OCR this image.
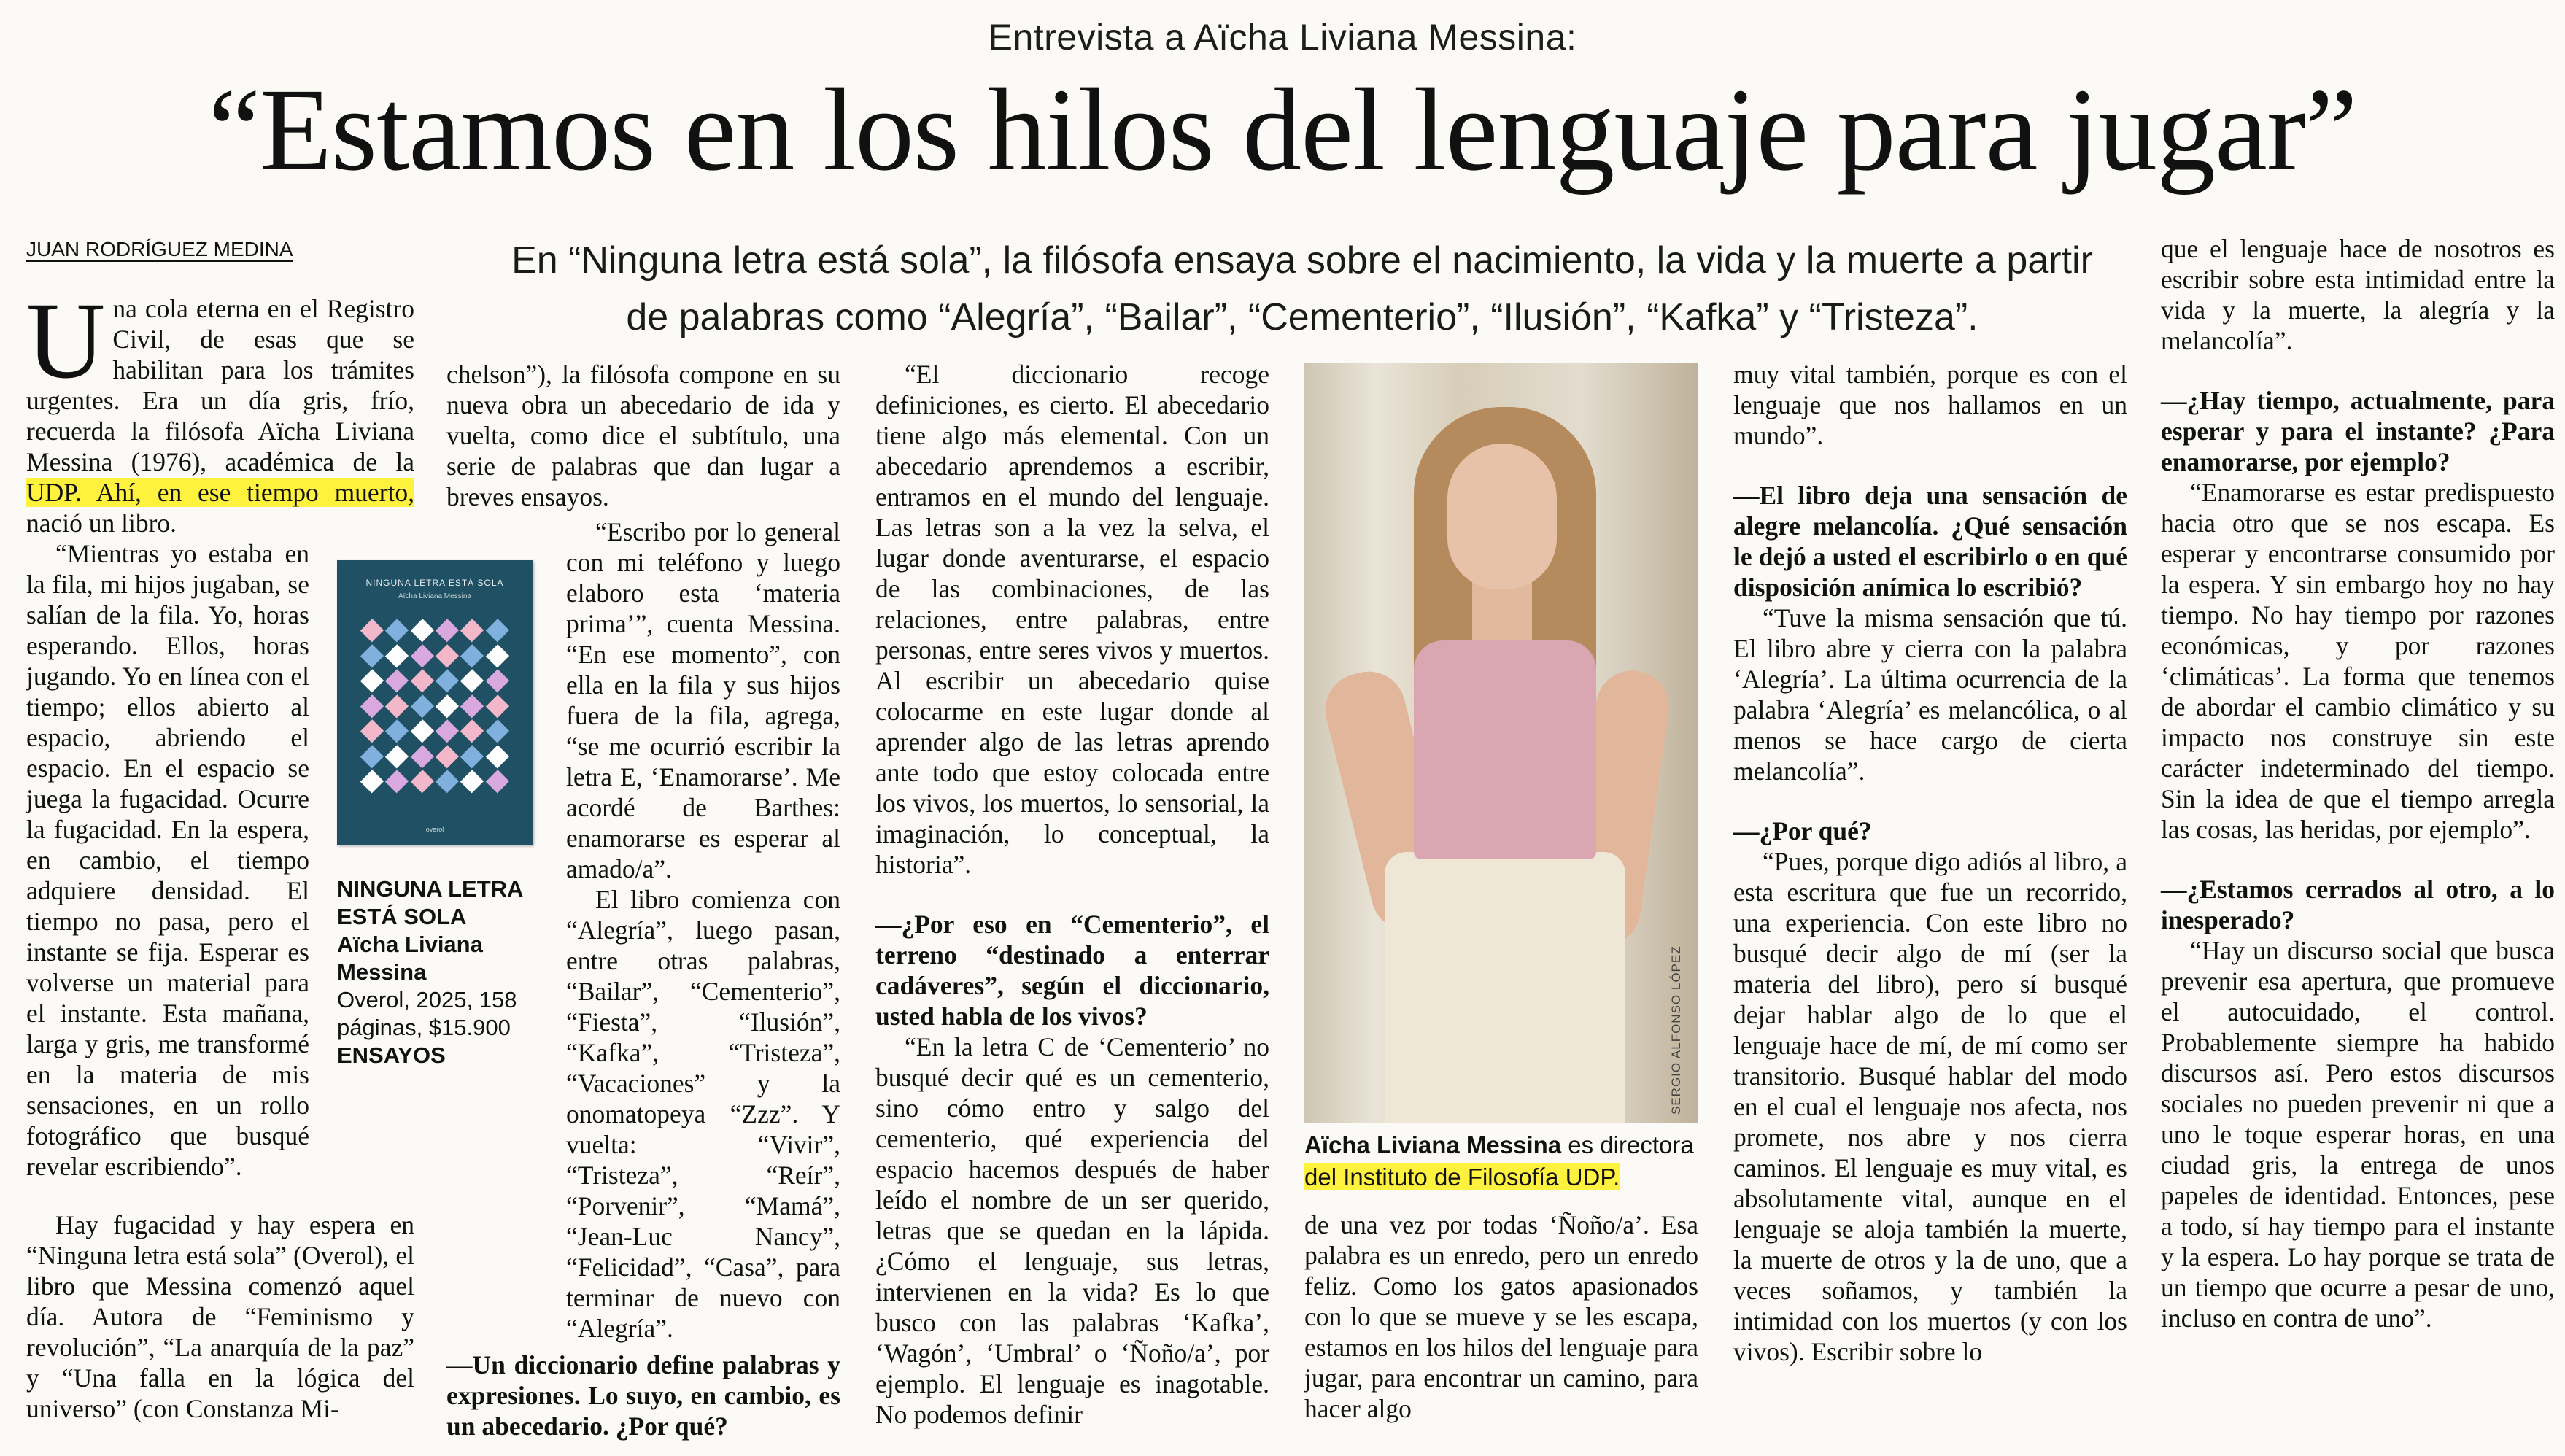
Entrevista a Aïcha Liviana Messina:
“Estamos en los hilos del lenguaje para jugar”
JUAN RODRÍGUEZ MEDINA	En “Ninguna letra está sola”, la filósofa ensaya sobre el nacimiento, la vida y la muerte a partir
de palabras como “Alegría”, “Bailar”, “Cementerio”, “Ilusión”, “Kafka” y “Tristeza”.

Una cola eterna en el Registro Civil, de esas que se habilitan para los trámites urgentes. Era un día gris, frío, recuerda la filósofa Aïcha Liviana Messina (1976), académica de la UDP. Ahí, en ese tiempo muerto, nació un libro.

“Mientras yo estaba en la fila, mi hijos jugaban, se salían de la fila. Yo, horas esperando. Ellos, horas jugando. Yo en línea con el tiempo; ellos abierto al espacio, abriendo el espacio. En el espacio se juega la fugacidad. Ocurre la fugacidad. En la espera, en cambio, el tiempo adquiere densidad. El tiempo no pasa, pero el instante se fija. Esperar es volverse un material para el instante. Esta mañana, larga y gris, me transformé en la materia de mis sensaciones, en un rollo fotográfico que busqué revelar escribiendo”.

Hay fugacidad y hay espera en “Ninguna letra está sola” (Overol), el libro que Messina comenzó aquel día. Autora de “Feminismo y revolución”, “La anarquía de la paz” y “Una falla en la lógica del universo” (con Constanza Mi-

NINGUNA LETRA ESTÁ SOLA
Aïcha Liviana Messina
overol
NINGUNA LETRA ESTÁ SOLA
Aïcha Liviana Messina
Overol, 2025, 158 páginas, $15.900
ENSAYOS

chelson”), la filósofa compone en su nueva obra un abecedario de ida y vuelta, como dice el subtítulo, una serie de palabras que dan lugar a breves ensayos.

“Escribo por lo general con mi teléfono y luego elaboro esta ‘materia prima’”, cuenta Messina. “En ese momento”, con ella en la fila y sus hijos fuera de la fila, agrega, “se me ocurrió escribir la letra E, ‘Enamorarse’. Me acordé de Barthes: enamorarse es esperar al amado/a”.

El libro comienza con “Alegría”, luego pasan, entre otras palabras, “Bailar”, “Cementerio”, “Fiesta”, “Ilusión”, “Kafka”, “Tristeza”, “Vacaciones” y la onomatopeya “Zzz”. Y vuelta: “Vivir”, “Tristeza”, “Reír”, “Porvenir”, “Mamá”, “Jean-Luc Nancy”, “Felicidad”, “Casa”, para terminar de nuevo con “Alegría”.

—Un diccionario define palabras y expresiones. Lo suyo, en cambio, es un abecedario. ¿Por qué?

“El diccionario recoge definiciones, es cierto. El abecedario tiene algo más elemental. Con un abecedario aprendemos a escribir, entramos en el mundo del lenguaje. Las letras son a la vez la selva, el lugar donde aventurarse, el espacio de las combinaciones, de las relaciones, entre palabras, entre personas, entre seres vivos y muertos. Al escribir un abecedario quise colocarme en este lugar donde al aprender algo de las letras aprendo ante todo que estoy colocada entre los vivos, los muertos, lo sensorial, la imaginación, lo conceptual, la historia”.

—¿Por eso en “Cementerio”, el terreno “destinado a enterrar cadáveres”, según el diccionario, usted habla de los vivos?

“En la letra C de ‘Cementerio’ no busqué decir qué es un cementerio, sino cómo entro y salgo del cementerio, qué experiencia del espacio hacemos después de haber leído el nombre de un ser querido, letras que se quedan en la lápida. ¿Cómo el lenguaje, sus letras, intervienen en la vida? Es lo que busco con las palabras ‘Kafka’, ‘Wagón’, ‘Umbral’ o ‘Ñoño/a’, por ejemplo. El lenguaje es inagotable. No podemos definir

SERGIO ALFONSO LÓPEZ
Aïcha Liviana Messina es directora
del Instituto de Filosofía UDP.

de una vez por todas ‘Ñoño/a’. Esa palabra es un enredo, pero un enredo feliz. Como los gatos apasionados con lo que se mueve y se les escapa, estamos en los hilos del lenguaje para jugar, para encontrar un camino, para hacer algo

muy vital también, porque es con el lenguaje que nos hallamos en un mundo”.

—El libro deja una sensación de alegre melancolía. ¿Qué sensación le dejó a usted el escribirlo o en qué disposición anímica lo escribió?

“Tuve la misma sensación que tú. El libro abre y cierra con la palabra ‘Alegría’. La última ocurrencia de la palabra ‘Alegría’ es melancólica, o al menos se hace cargo de cierta melancolía”.

—¿Por qué?

“Pues, porque digo adiós al libro, a esta escritura que fue un recorrido, una experiencia. Con este libro no busqué decir algo de mí (ser la materia del libro), pero sí busqué dejar hablar algo de lo que el lenguaje hace de mí, de mí como ser transitorio. Busqué hablar del modo en el cual el lenguaje nos afecta, nos promete, nos abre y nos cierra caminos. El lenguaje es muy vital, es absolutamente vital, aunque en el lenguaje se aloja también la muerte, la muerte de otros y la de uno, que a veces soñamos, y también la intimidad con los muertos (y con los vivos). Escribir sobre lo

que el lenguaje hace de nosotros es escribir sobre esta intimidad entre la vida y la muerte, la alegría y la melancolía”.

—¿Hay tiempo, actualmente, para esperar y para el instante? ¿Para enamorarse, por ejemplo?

“Enamorarse es estar predispuesto hacia otro que se nos escapa. Es esperar y encontrarse consumido por la espera. Y sin embargo hoy no hay tiempo. No hay tiempo por razones económicas, y por razones ‘climáticas’. La forma que tenemos de abordar el cambio climático y su impacto nos construye sin este carácter indeterminado del tiempo. Sin la idea de que el tiempo arregla las cosas, las heridas, por ejemplo”.

—¿Estamos cerrados al otro, a lo inesperado?

“Hay un discurso social que busca prevenir esa apertura, que promueve el autocuidado, el control. Probablemente siempre ha habido discursos así. Pero estos discursos sociales no pueden prevenir ni que a uno le toque esperar horas, en una ciudad gris, la entrega de unos papeles de identidad. Entonces, pese a todo, sí hay tiempo para el instante y la espera. Lo hay porque se trata de un tiempo que ocurre a pesar de uno, incluso en contra de uno”.
